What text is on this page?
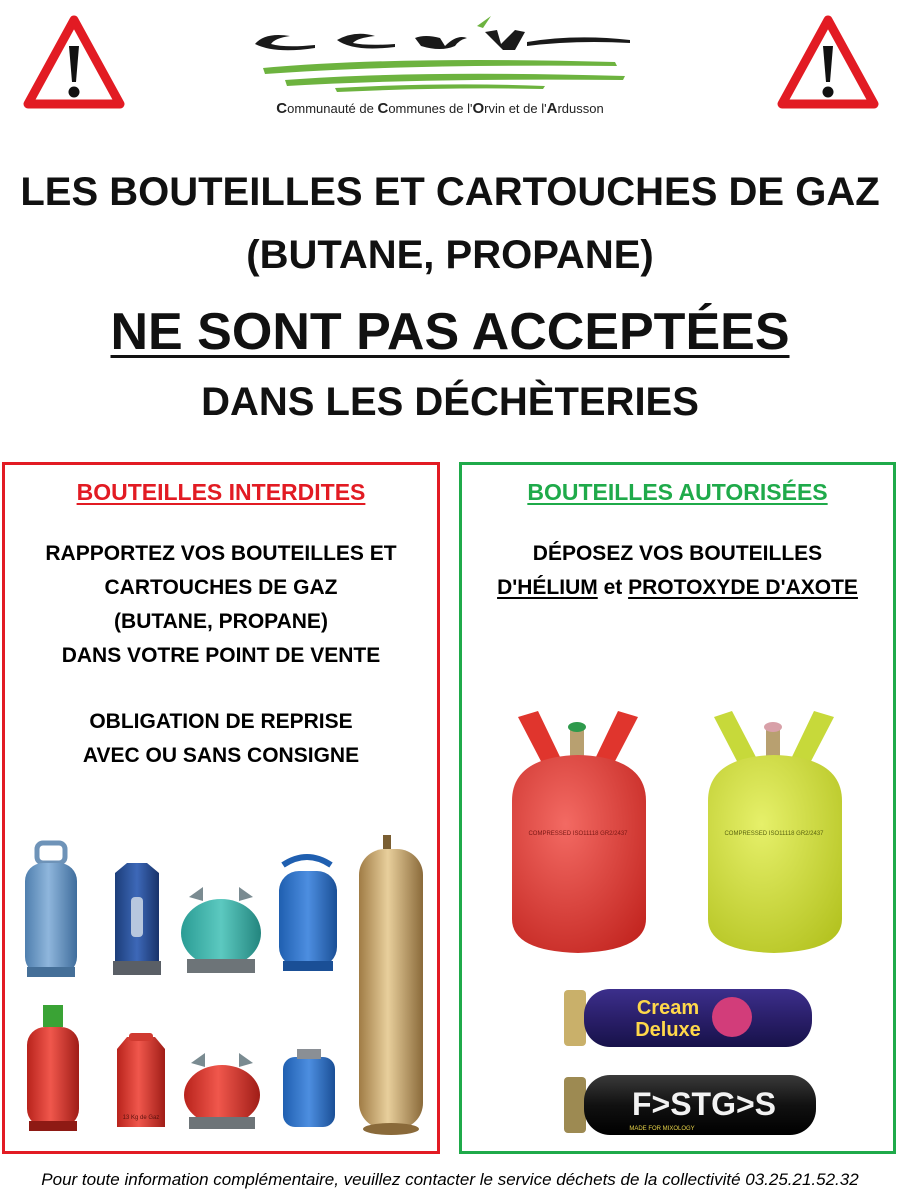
Communauté de Communes de l'Orvin et de l'Ardusson
LES BOUTEILLES ET CARTOUCHES DE GAZ
(BUTANE, PROPANE)
NE SONT PAS ACCEPTÉES
DANS LES DÉCHÈTERIES
BOUTEILLES INTERDITES
RAPPORTEZ VOS BOUTEILLES ET
CARTOUCHES DE GAZ
(BUTANE, PROPANE)
DANS VOTRE POINT DE VENTE
OBLIGATION DE REPRISE
AVEC OU SANS CONSIGNE
13 Kg de Gaz
BOUTEILLES AUTORISÉES
DÉPOSEZ VOS BOUTEILLES
D'HÉLIUM et PROTOXYDE D'AXOTE
COMPRESSED ISO11118 GR2/2437	COMPRESSED ISO11118 GR2/2437
Cream
Deluxe
F>STG>S
MADE FOR MIXOLOGY
Pour toute information complémentaire, veuillez contacter le service déchets de la collectivité 03.25.21.52.32
